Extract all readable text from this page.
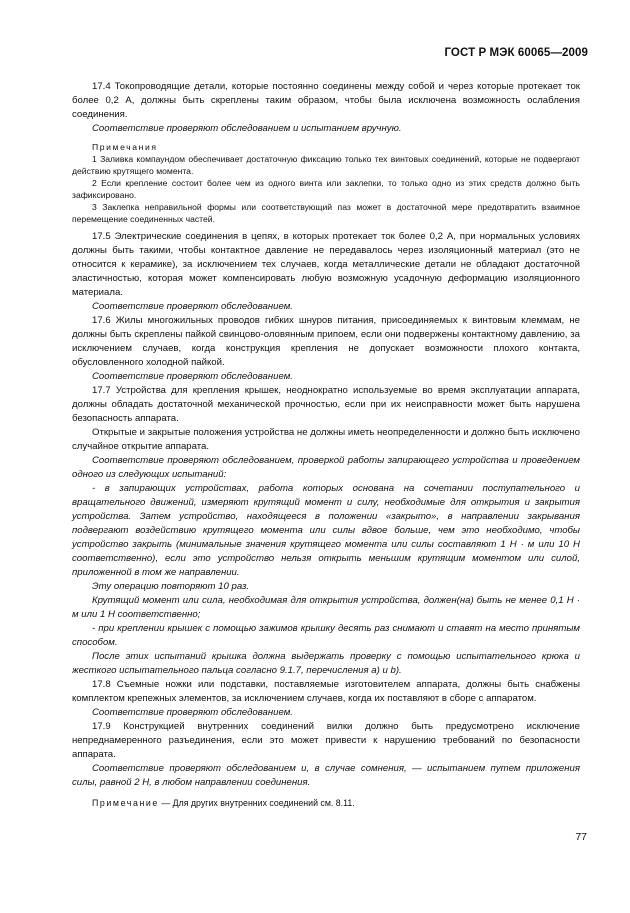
ГОСТ Р МЭК 60065—2009

17.4 Токопроводящие детали, которые постоянно соединены между собой и через которые протекает ток более 0,2 А, должны быть скреплены таким образом, чтобы была исключена возможность ослабления соединения.

Соответствие проверяют обследованием и испытанием вручную.

Примечания

1 Заливка компаундом обеспечивает достаточную фиксацию только тех винтовых соединений, которые не подвергают действию крутящего момента.

2 Если крепление состоит более чем из одного винта или заклепки, то только одно из этих средств должно быть зафиксировано.

3 Заклепка неправильной формы или соответствующий паз может в достаточной мере предотвратить взаимное перемещение соединенных частей.

17.5 Электрические соединения в цепях, в которых протекает ток более 0,2 А, при нормальных условиях должны быть такими, чтобы контактное давление не передавалось через изоляционный материал (это не относится к керамике), за исключением тех случаев, когда металлические детали не обладают достаточной эластичностью, которая может компенсировать любую возможную усадочную деформацию изоляционного материала.

Соответствие проверяют обследованием.

17.6 Жилы многожильных проводов гибких шнуров питания, присоединяемых к винтовым клеммам, не должны быть скреплены пайкой свинцово-оловянным припоем, если они подвержены контактному давлению, за исключением случаев, когда конструкция крепления не допускает возможности плохого контакта, обусловленного холодной пайкой.

Соответствие проверяют обследованием.

17.7 Устройства для крепления крышек, неоднократно используемые во время эксплуатации аппарата, должны обладать достаточной механической прочностью, если при их неисправности может быть нарушена безопасность аппарата.

Открытые и закрытые положения устройства не должны иметь неопределенности и должно быть исключено случайное открытие аппарата.

Соответствие проверяют обследованием, проверкой работы запирающего устройства и проведением одного из следующих испытаний:

- в запирающих устройствах, работа которых основана на сочетании поступательного и вращательного движений, измеряют крутящий момент и силу, необходимые для открытия и закрытия устройства. Затем устройство, находящееся в положении «закрыто», в направлении закрывания подвергают воздействию крутящего момента или силы вдвое больше, чем это необходимо, чтобы устройство закрыть (минимальные значения крутящего момента или силы составляют 1 Н · м или 10 Н соответственно), если это устройство нельзя открыть меньшим крутящим моментом или силой, приложенной в том же направлении.

Эту операцию повторяют 10 раз.

Крутящий момент или сила, необходимая для открытия устройства, должен(на) быть не менее 0,1 Н · м или 1 Н соответственно;

- при креплении крышек с помощью зажимов крышку десять раз снимают и ставят на место принятым способом.

После этих испытаний крышка должна выдержать проверку с помощью испытательного крюка и жесткого испытательного пальца согласно 9.1.7, перечисления а) и b).

17.8 Съемные ножки или подставки, поставляемые изготовителем аппарата, должны быть снабжены комплектом крепежных элементов, за исключением случаев, когда их поставляют в сборе с аппаратом.

Соответствие проверяют обследованием.

17.9 Конструкцией внутренних соединений вилки должно быть предусмотрено исключение непреднамеренного разъединения, если это может привести к нарушению требований по безопасности аппарата.

Соответствие проверяют обследованием и, в случае сомнения, — испытанием путем приложения силы, равной 2 Н, в любом направлении соединения.

Примечание — Для других внутренних соединений см. 8.11.

77
